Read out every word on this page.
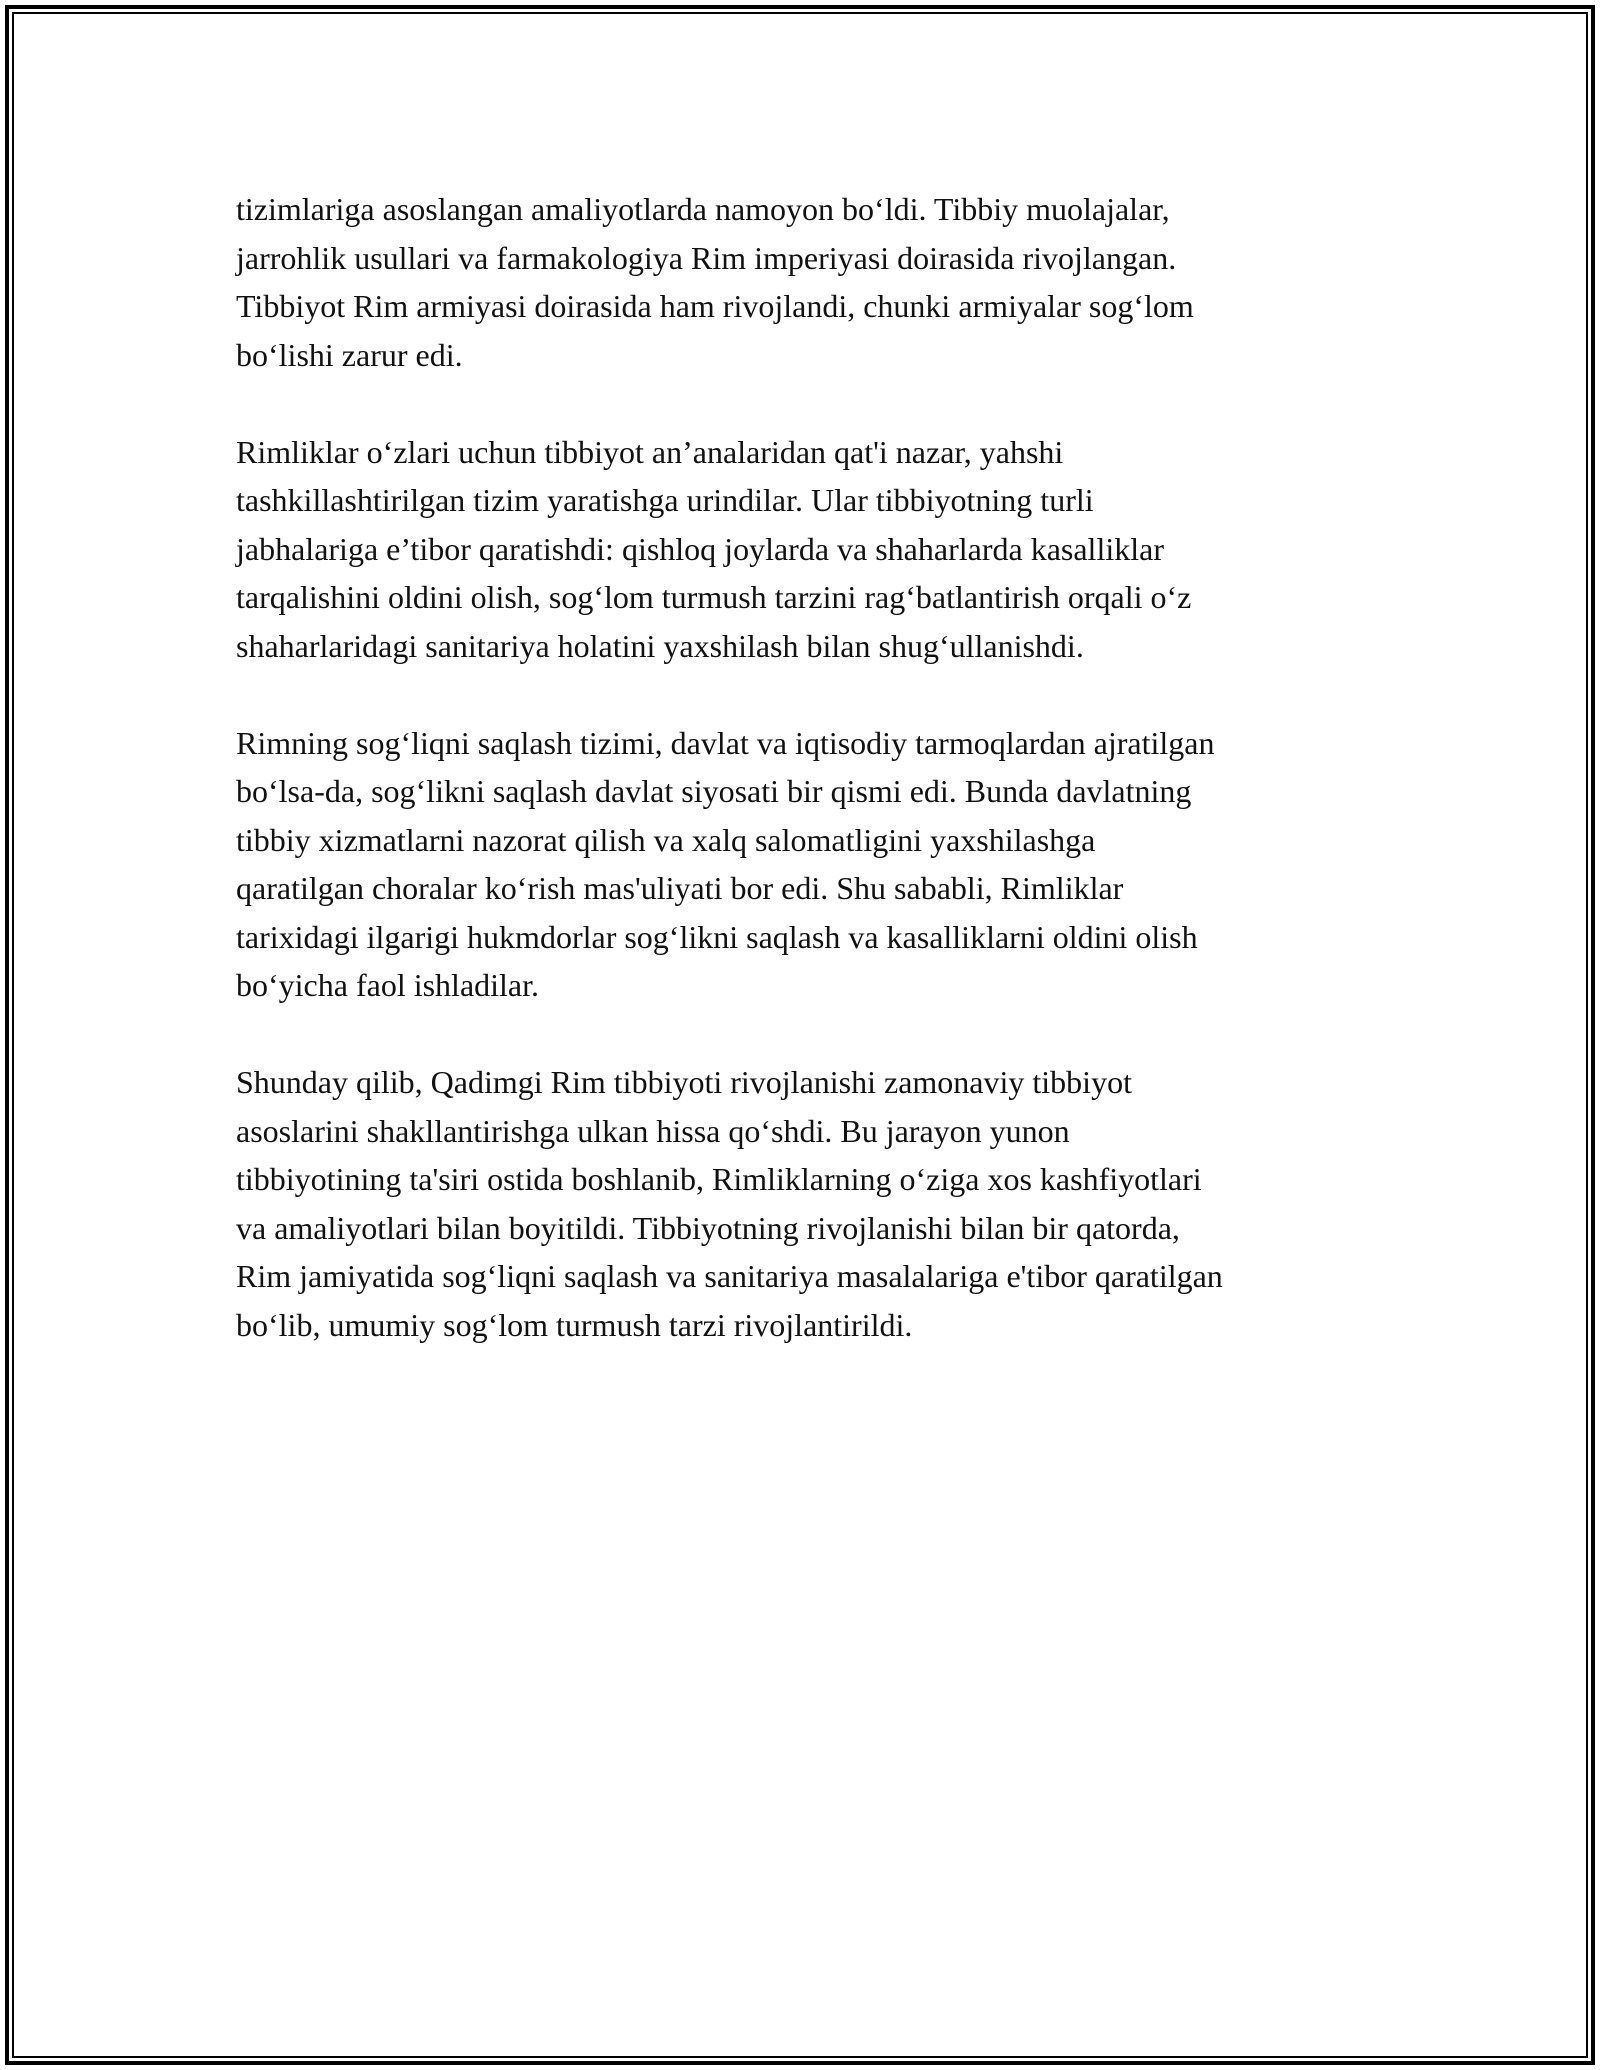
tizimlariga asoslangan amaliyotlarda namoyon bo‘ldi. Tibbiy muolajalar,
jarrohlik usullari va farmakologiya Rim imperiyasi doirasida rivojlangan.
Tibbiyot Rim armiyasi doirasida ham rivojlandi, chunki armiyalar sog‘lom
bo‘lishi zarur edi.

Rimliklar o‘zlari uchun tibbiyot an’analaridan qat'i nazar, yahshi
tashkillashtirilgan tizim yaratishga urindilar. Ular tibbiyotning turli
jabhalariga e’tibor qaratishdi: qishloq joylarda va shaharlarda kasalliklar
tarqalishini oldini olish, sog‘lom turmush tarzini rag‘batlantirish orqali o‘z
shaharlaridagi sanitariya holatini yaxshilash bilan shug‘ullanishdi.

Rimning sog‘liqni saqlash tizimi, davlat va iqtisodiy tarmoqlardan ajratilgan
bo‘lsa-da, sog‘likni saqlash davlat siyosati bir qismi edi. Bunda davlatning
tibbiy xizmatlarni nazorat qilish va xalq salomatligini yaxshilashga
qaratilgan choralar ko‘rish mas'uliyati bor edi. Shu sababli, Rimliklar
tarixidagi ilgarigi hukmdorlar sog‘likni saqlash va kasalliklarni oldini olish
bo‘yicha faol ishladilar.

Shunday qilib, Qadimgi Rim tibbiyoti rivojlanishi zamonaviy tibbiyot
asoslarini shakllantirishga ulkan hissa qo‘shdi. Bu jarayon yunon
tibbiyotining ta'siri ostida boshlanib, Rimliklarning o‘ziga xos kashfiyotlari
va amaliyotlari bilan boyitildi. Tibbiyotning rivojlanishi bilan bir qatorda,
Rim jamiyatida sog‘liqni saqlash va sanitariya masalalariga e'tibor qaratilgan
bo‘lib, umumiy sog‘lom turmush tarzi rivojlantirildi.
